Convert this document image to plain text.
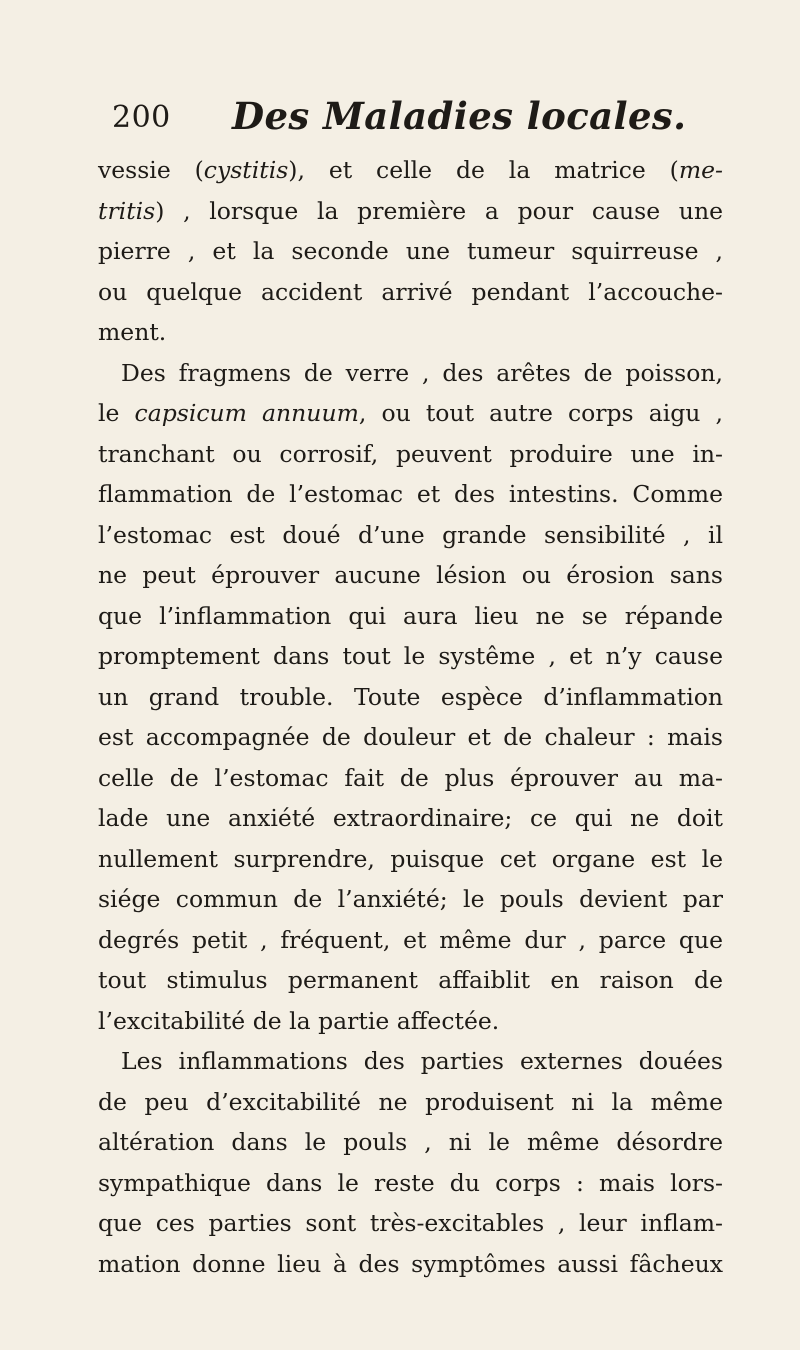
200 Des Maladies locales.
vessie (cystitis), et celle de la matrice (me-
tritis) , lorsque la première a pour cause une
pierre , et la seconde une tumeur squirreuse ,
ou quelque accident arrivé pendant l’accouche-
ment.
Des fragmens de verre , des arêtes de poisson,
le capsicum annuum, ou tout autre corps aigu ,
tranchant ou corrosif, peuvent produire une in-
flammation de l’estomac et des intestins. Comme
l’estomac est doué d’une grande sensibilité , il
ne peut éprouver aucune lésion ou érosion sans
que l’inflammation qui aura lieu ne se répande
promptement dans tout le systême , et n’y cause
un grand trouble. Toute espèce d’inflammation
est accompagnée de douleur et de chaleur : mais
celle de l’estomac fait de plus éprouver au ma-
lade une anxiété extraordinaire; ce qui ne doit
nullement surprendre, puisque cet organe est le
siége commun de l’anxiété; le pouls devient par
degrés petit , fréquent, et même dur , parce que
tout stimulus permanent affaiblit en raison de
l’excitabilité de la partie affectée.
Les inflammations des parties externes douées
de peu d’excitabilité ne produisent ni la même
altération dans le pouls , ni le même désordre
sympathique dans le reste du corps : mais lors-
que ces parties sont très-excitables , leur inflam-
mation donne lieu à des symptômes aussi fâcheux
